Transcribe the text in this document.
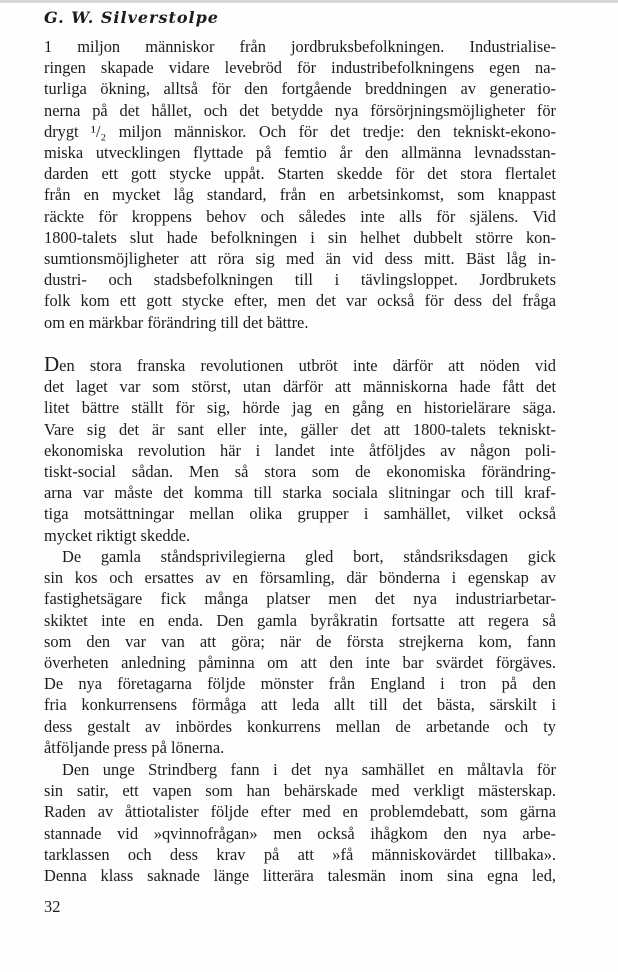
G. W. Silverstolpe
1 miljon människor från jordbruksbefolkningen. Industrialise-
ringen skapade vidare levebröd för industribefolkningens egen na-
turliga ökning, alltså för den fortgående breddningen av generatio-
nerna på det hållet, och det betydde nya försörjningsmöjligheter för
drygt ¹/₂ miljon människor. Och för det tredje: den tekniskt-ekono-
miska utvecklingen flyttade på femtio år den allmänna levnadsstan-
darden ett gott stycke uppåt. Starten skedde för det stora flertalet
från en mycket låg standard, från en arbetsinkomst, som knappast
räckte för kroppens behov och således inte alls för själens. Vid
1800-talets slut hade befolkningen i sin helhet dubbelt större kon-
sumtionsmöjligheter att röra sig med än vid dess mitt. Bäst låg in-
dustri- och stadsbefolkningen till i tävlingsloppet. Jordbrukets
folk kom ett gott stycke efter, men det var också för dess del fråga
om en märkbar förändring till det bättre.
Den stora franska revolutionen utbröt inte därför att nöden vid
det laget var som störst, utan därför att människorna hade fått det
litet bättre ställt för sig, hörde jag en gång en historielärare säga.
Vare sig det är sant eller inte, gäller det att 1800-talets tekniskt-
ekonomiska revolution här i landet inte åtföljdes av någon poli-
tiskt-social sådan. Men så stora som de ekonomiska förändring-
arna var måste det komma till starka sociala slitningar och till kraf-
tiga motsättningar mellan olika grupper i samhället, vilket också
mycket riktigt skedde.
De gamla ståndsprivilegierna gled bort, ståndsriksdagen gick
sin kos och ersattes av en församling, där bönderna i egenskap av
fastighetsägare fick många platser men det nya industriarbetar-
skiktet inte en enda. Den gamla byråkratin fortsatte att regera så
som den var van att göra; när de första strejkerna kom, fann
överheten anledning påminna om att den inte bar svärdet förgäves.
De nya företagarna följde mönster från England i tron på den
fria konkurrensens förmåga att leda allt till det bästa, särskilt i
dess gestalt av inbördes konkurrens mellan de arbetande och ty
åtföljande press på lönerna.
Den unge Strindberg fann i det nya samhället en måltavla för
sin satir, ett vapen som han behärskade med verkligt mästerskap.
Raden av åttiotalister följde efter med en problemdebatt, som gärna
stannade vid »qvinnofrågan» men också ihågkom den nya arbe-
tarklassen och dess krav på att »få människovärdet tillbaka».
Denna klass saknade länge litterära talesmän inom sina egna led,
32
